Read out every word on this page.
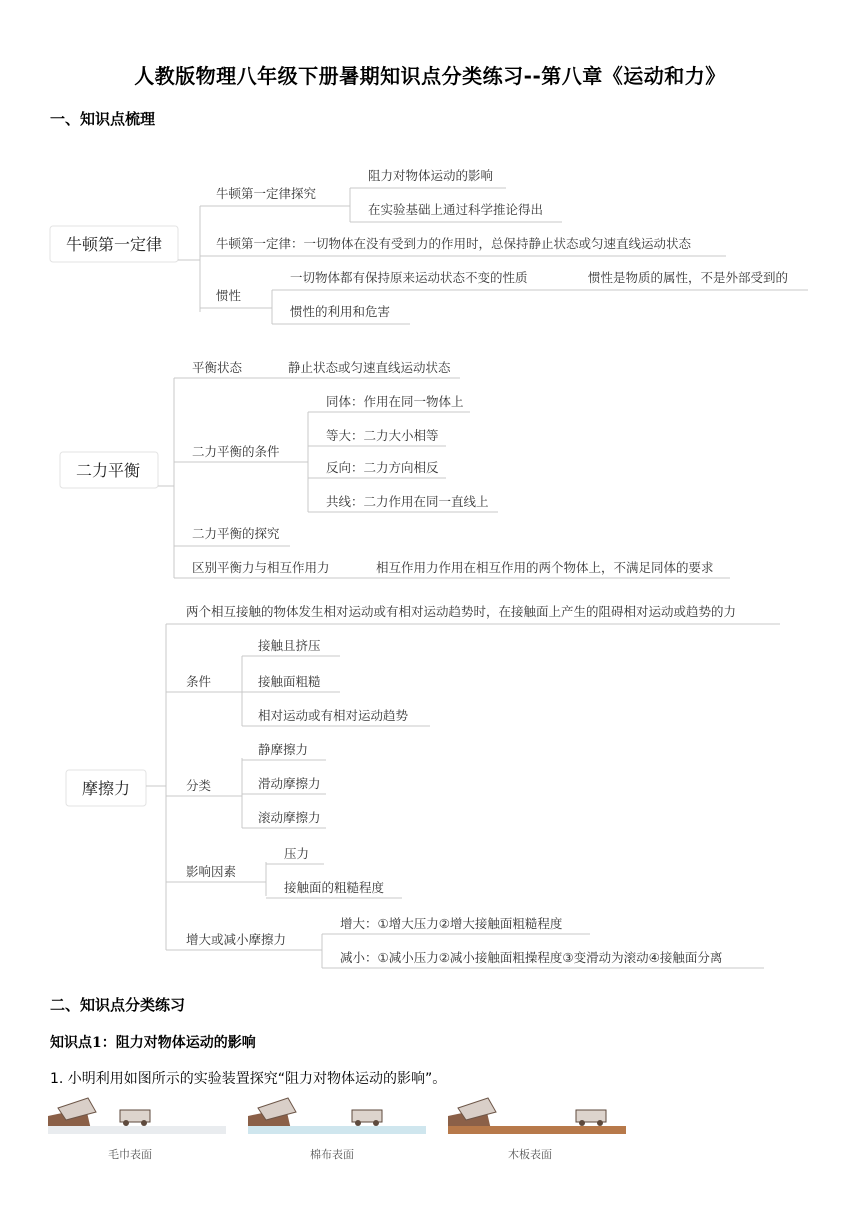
人教版物理八年级下册暑期知识点分类练习--第八章《运动和力》
一、知识点梳理
牛顿第一定律
牛顿第一定律探究
阻力对物体运动的影响
在实验基础上通过科学推论得出
牛顿第一定律：一切物体在没有受到力的作用时，总保持静止状态或匀速直线运动状态
惯性
一切物体都有保持原来运动状态不变的性质	惯性是物质的属性，不是外部受到的
惯性的利用和危害
二力平衡
平衡状态	静止状态或匀速直线运动状态
二力平衡的条件
同体：作用在同一物体上
等大：二力大小相等
反向：二力方向相反
共线：二力作用在同一直线上
二力平衡的探究
区别平衡力与相互作用力	相互作用力作用在相互作用的两个物体上，不满足同体的要求
摩擦力
两个相互接触的物体发生相对运动或有相对运动趋势时，在接触面上产生的阻碍相对运动或趋势的力
条件
接触且挤压
接触面粗糙
相对运动或有相对运动趋势
分类
静摩擦力
滑动摩擦力
滚动摩擦力
影响因素
压力
接触面的粗糙程度
增大或减小摩擦力
增大：①增大压力②增大接触面粗糙程度
减小：①减小压力②减小接触面粗操程度③变滑动为滚动④接触面分离
二、知识点分类练习
知识点1：阻力对物体运动的影响
1. 小明利用如图所示的实验装置探究“阻力对物体运动的影响”。
毛巾表面	棉布表面	木板表面
